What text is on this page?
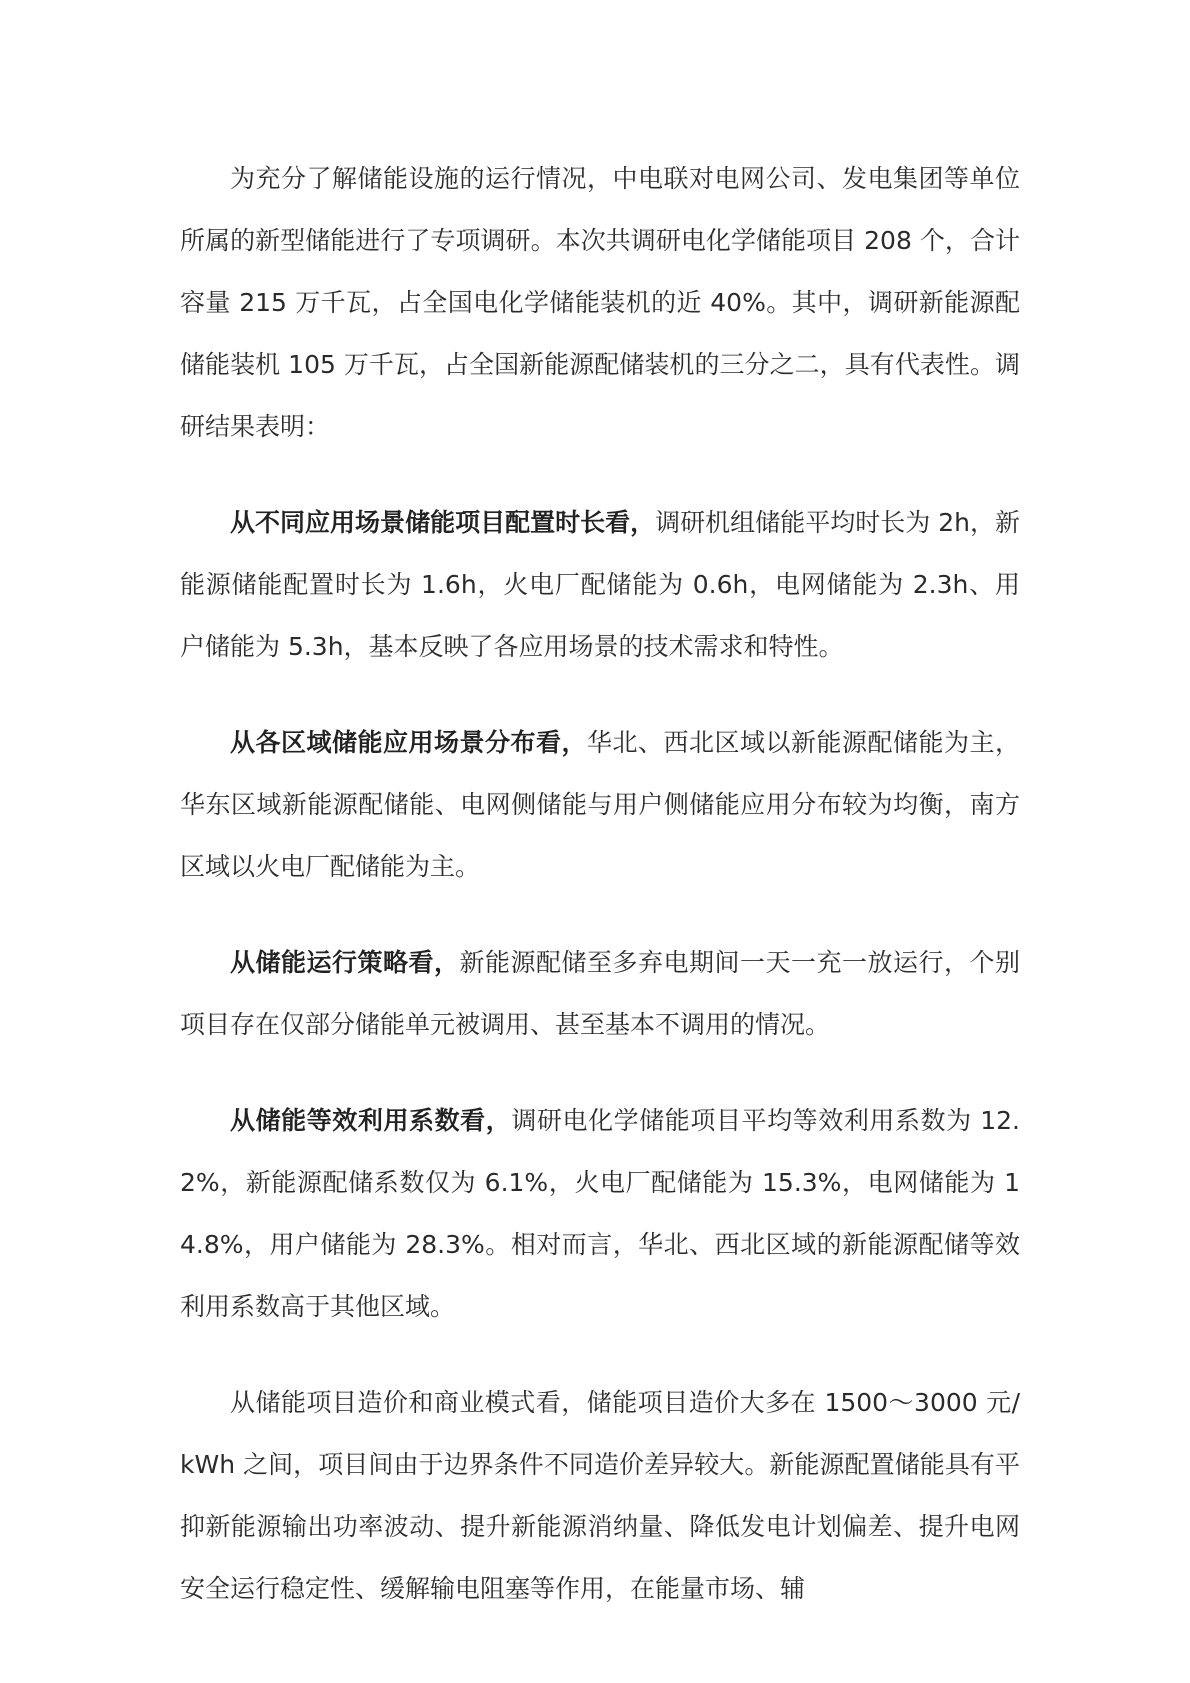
为充分了解储能设施的运行情况，中电联对电网公司、发电集团等单位所属的新型储能进行了专项调研。本次共调研电化学储能项目 208 个，合计容量 215 万千瓦，占全国电化学储能装机的近 40%。其中，调研新能源配储能装机 105 万千瓦，占全国新能源配储装机的三分之二，具有代表性。调研结果表明：

从不同应用场景储能项目配置时长看，调研机组储能平均时长为 2h，新能源储能配置时长为 1.6h，火电厂配储能为 0.6h，电网储能为 2.3h、用户储能为 5.3h，基本反映了各应用场景的技术需求和特性。

从各区域储能应用场景分布看，华北、西北区域以新能源配储能为主，华东区域新能源配储能、电网侧储能与用户侧储能应用分布较为均衡，南方区域以火电厂配储能为主。

从储能运行策略看，新能源配储至多弃电期间一天一充一放运行，个别项目存在仅部分储能单元被调用、甚至基本不调用的情况。

从储能等效利用系数看，调研电化学储能项目平均等效利用系数为 12.2%，新能源配储系数仅为 6.1%，火电厂配储能为 15.3%，电网储能为 14.8%，用户储能为 28.3%。相对而言，华北、西北区域的新能源配储等效利用系数高于其他区域。

从储能项目造价和商业模式看，储能项目造价大多在 1500～3000 元/kWh 之间，项目间由于边界条件不同造价差异较大。新能源配置储能具有平抑新能源输出功率波动、提升新能源消纳量、降低发电计划偏差、提升电网安全运行稳定性、缓解输电阻塞等作用，在能量市场、辅
